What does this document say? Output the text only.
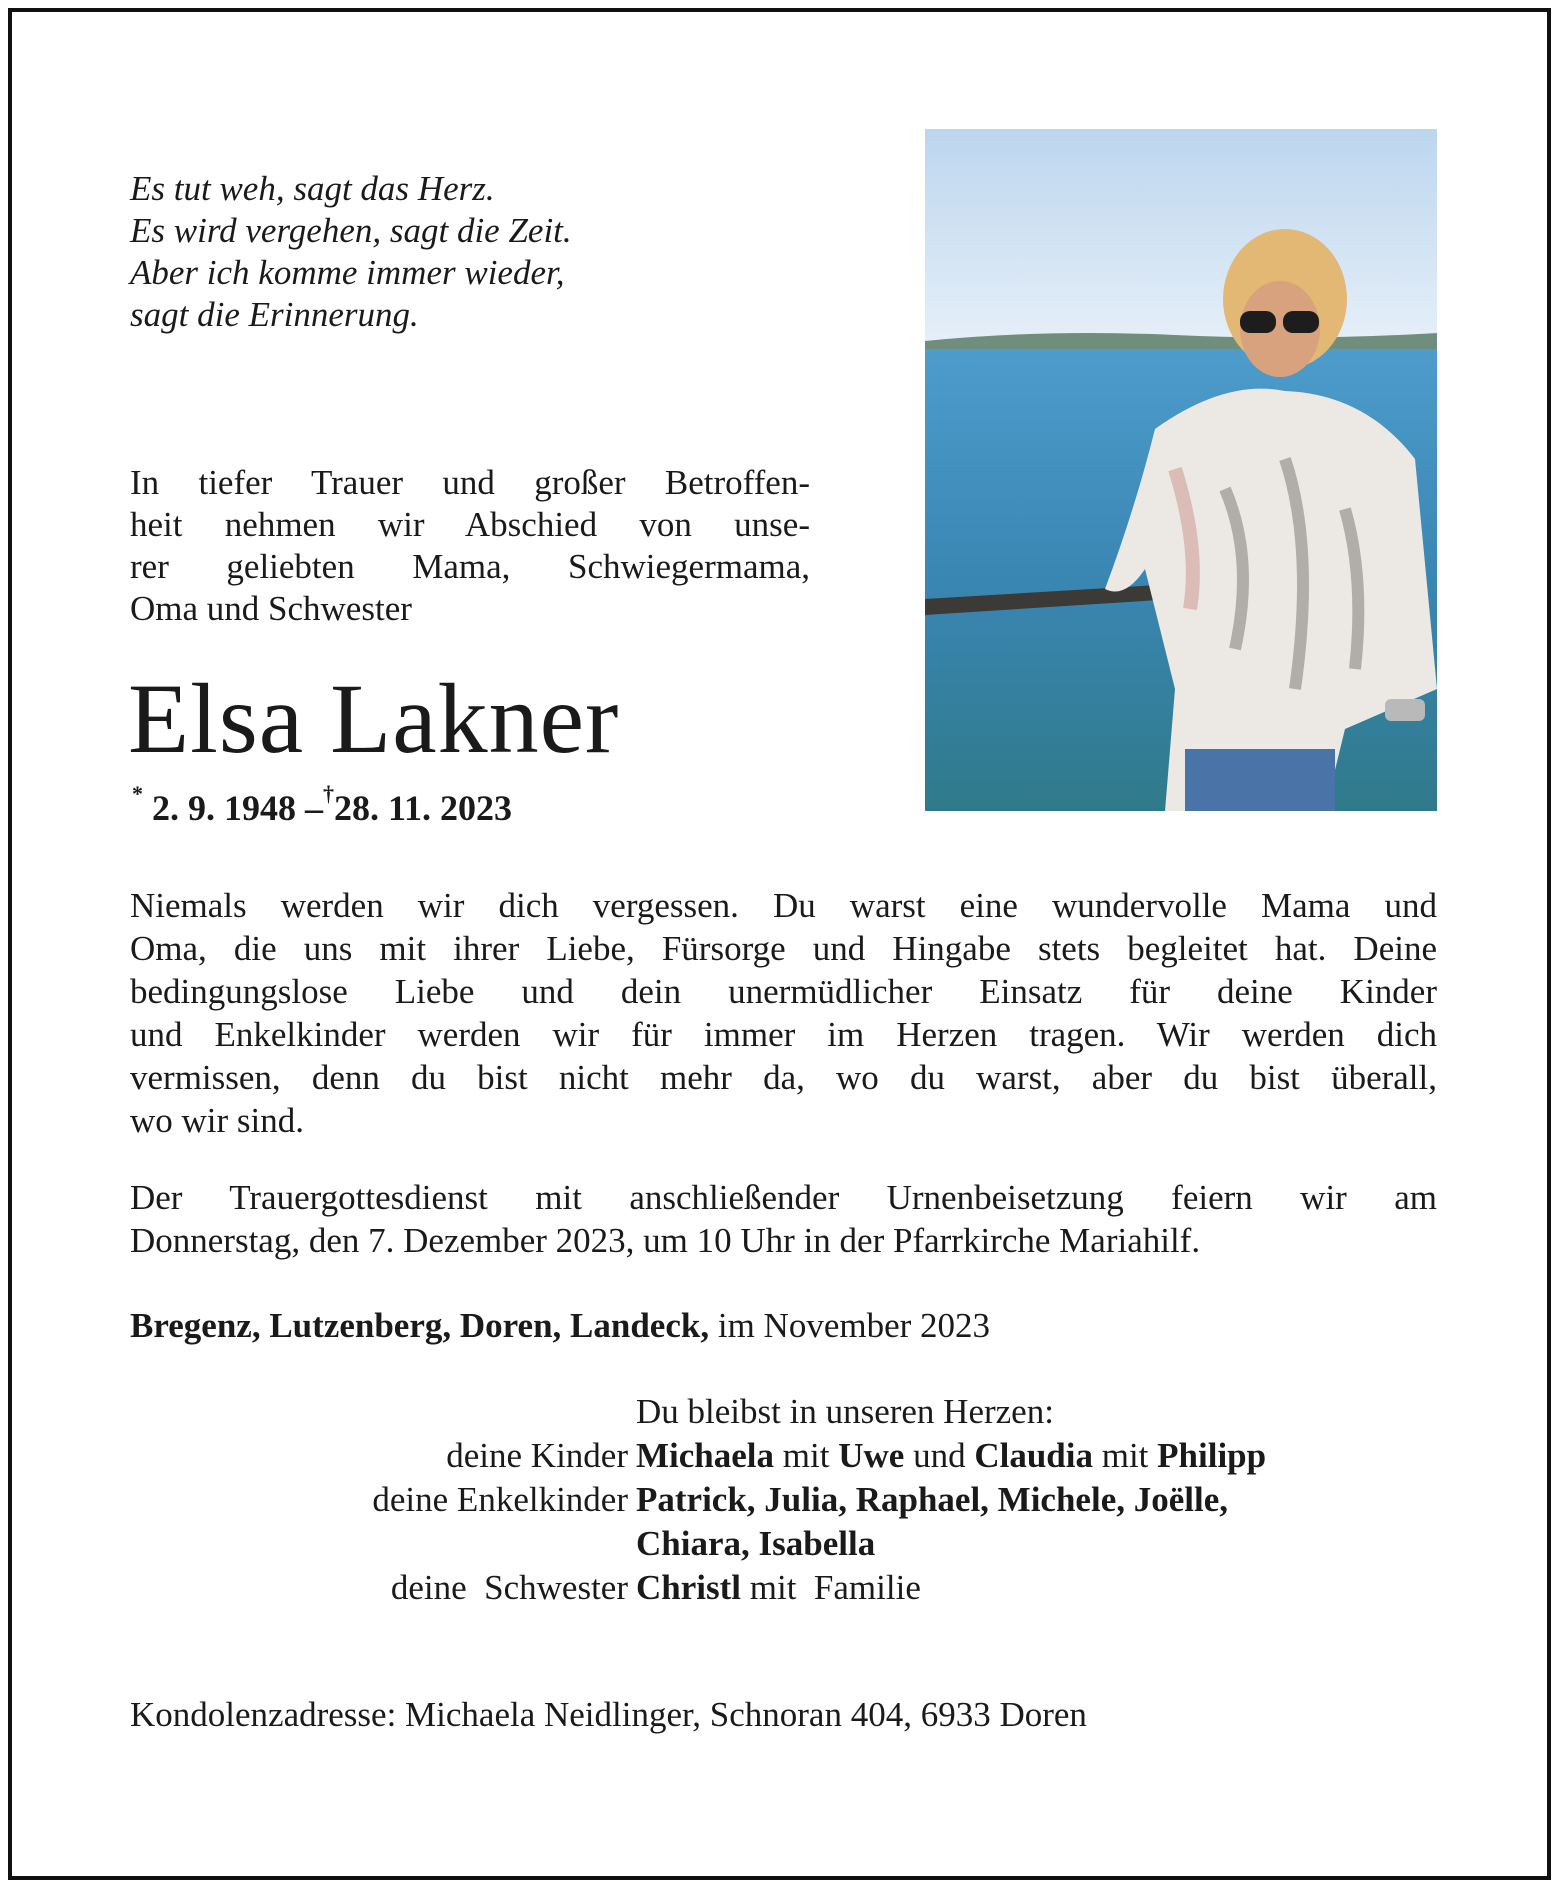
Es tut weh, sagt das Herz.
Es wird vergehen, sagt die Zeit.
Aber ich komme immer wieder,
sagt die Erinnerung.
In tiefer Trauer und großer Betroffen-
heit nehmen wir Abschied von unse-
rer geliebten Mama, Schwiegermama,
Oma und Schwester
Elsa Lakner
* 2. 9. 1948 –†28. 11. 2023
Niemals werden wir dich vergessen. Du warst eine wundervolle Mama und
Oma, die uns mit ihrer Liebe, Fürsorge und Hingabe stets begleitet hat. Deine
bedingungslose Liebe und dein unermüdlicher Einsatz für deine Kinder
und Enkelkinder werden wir für immer im Herzen tragen. Wir werden dich
vermissen, denn du bist nicht mehr da, wo du warst, aber du bist überall,
wo wir sind.
Der Trauergottesdienst mit anschließender Urnenbeisetzung feiern wir am
Donnerstag, den 7. Dezember 2023, um 10 Uhr in der Pfarrkirche Mariahilf.
Bregenz, Lutzenberg, Doren, Landeck, im November 2023
Du bleibst in unseren Herzen:
deine Kinder Michaela mit Uwe und Claudia mit Philipp
deine Enkelkinder Patrick, Julia, Raphael, Michele, Joëlle,
Chiara, Isabella
deine  Schwester Christl mit  Familie
Kondolenzadresse: Michaela Neidlinger, Schnoran 404, 6933 Doren
